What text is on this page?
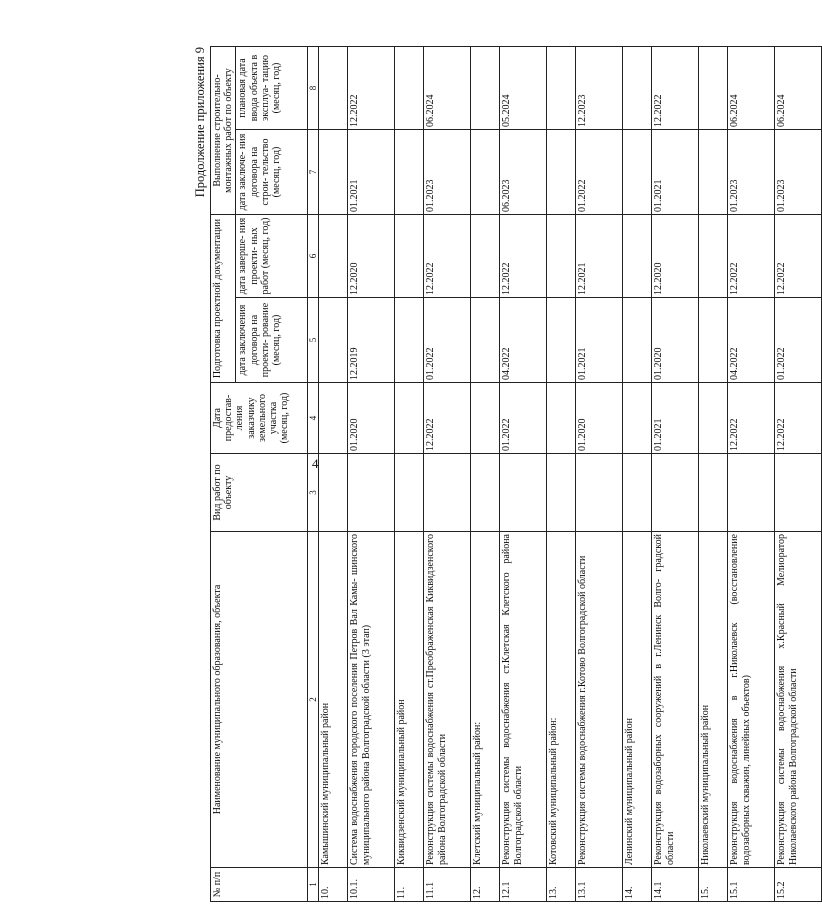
4
Продолжение приложения 9
№ п/п	Наименование муниципального образования, объекта	Вид работ по объекту	Дата предостав- ления заказчику земельного участка (месяц, год)	Подготовка проектной документации		Выполнение строительно- монтажных работ по объекту	
				дата заключения договора на проекти- рование (месяц, год)	дата заверше- ния проекти- ных работ (месяц, год)	дата заключе- ния договора на строи- тельство (месяц, год)	плановая дата ввода объекта в эксплуа- тацию (месяц, год)
1	2	3	4	5	6	7	8
10.	Камышинский муниципальный район						
10.1.	Система водоснабжения городского поселения Петров Вал Камы- шинского муниципального района Волгоградской области (3 этап)		01.2020	12.2019	12.2020	01.2021	12.2022
11.	Киквидзенский муниципальный район						
11.1	Реконструкция системы водоснабжения ст.Преображенская Киквидзенского района Волгоградской области		12.2022	01.2022	12.2022	01.2023	06.2024
12.	Клетский муниципальный район:						
12.1	Реконструкция системы водоснабжения ст.Клетская Клетского района Волгоградской области		01.2022	04.2022	12.2022	06.2023	05.2024
13.	Котовский муниципальный район:						
13.1	Реконструкция системы водоснабжения г.Котово Волгоградской области		01.2020	01.2021	12.2021	01.2022	12.2023
14.	Ленинский муниципальный район						
14.1	Реконструкция водозаборных сооружений в г.Ленинск Волго- градской области		01.2021	01.2020	12.2020	01.2021	12.2022
15.	Николаевский муниципальный район						
15.1	Реконструкция водоснабжения в г.Николаевск (восстановление водозаборных скважин, линейных объектов)		12.2022	04.2022	12.2022	01.2023	06.2024
15.2	Реконструкция системы водоснабжения х.Красный Мелиоратор Николаевского района Волгоградской области		12.2022	01.2022	12.2022	01.2023	06.2024
